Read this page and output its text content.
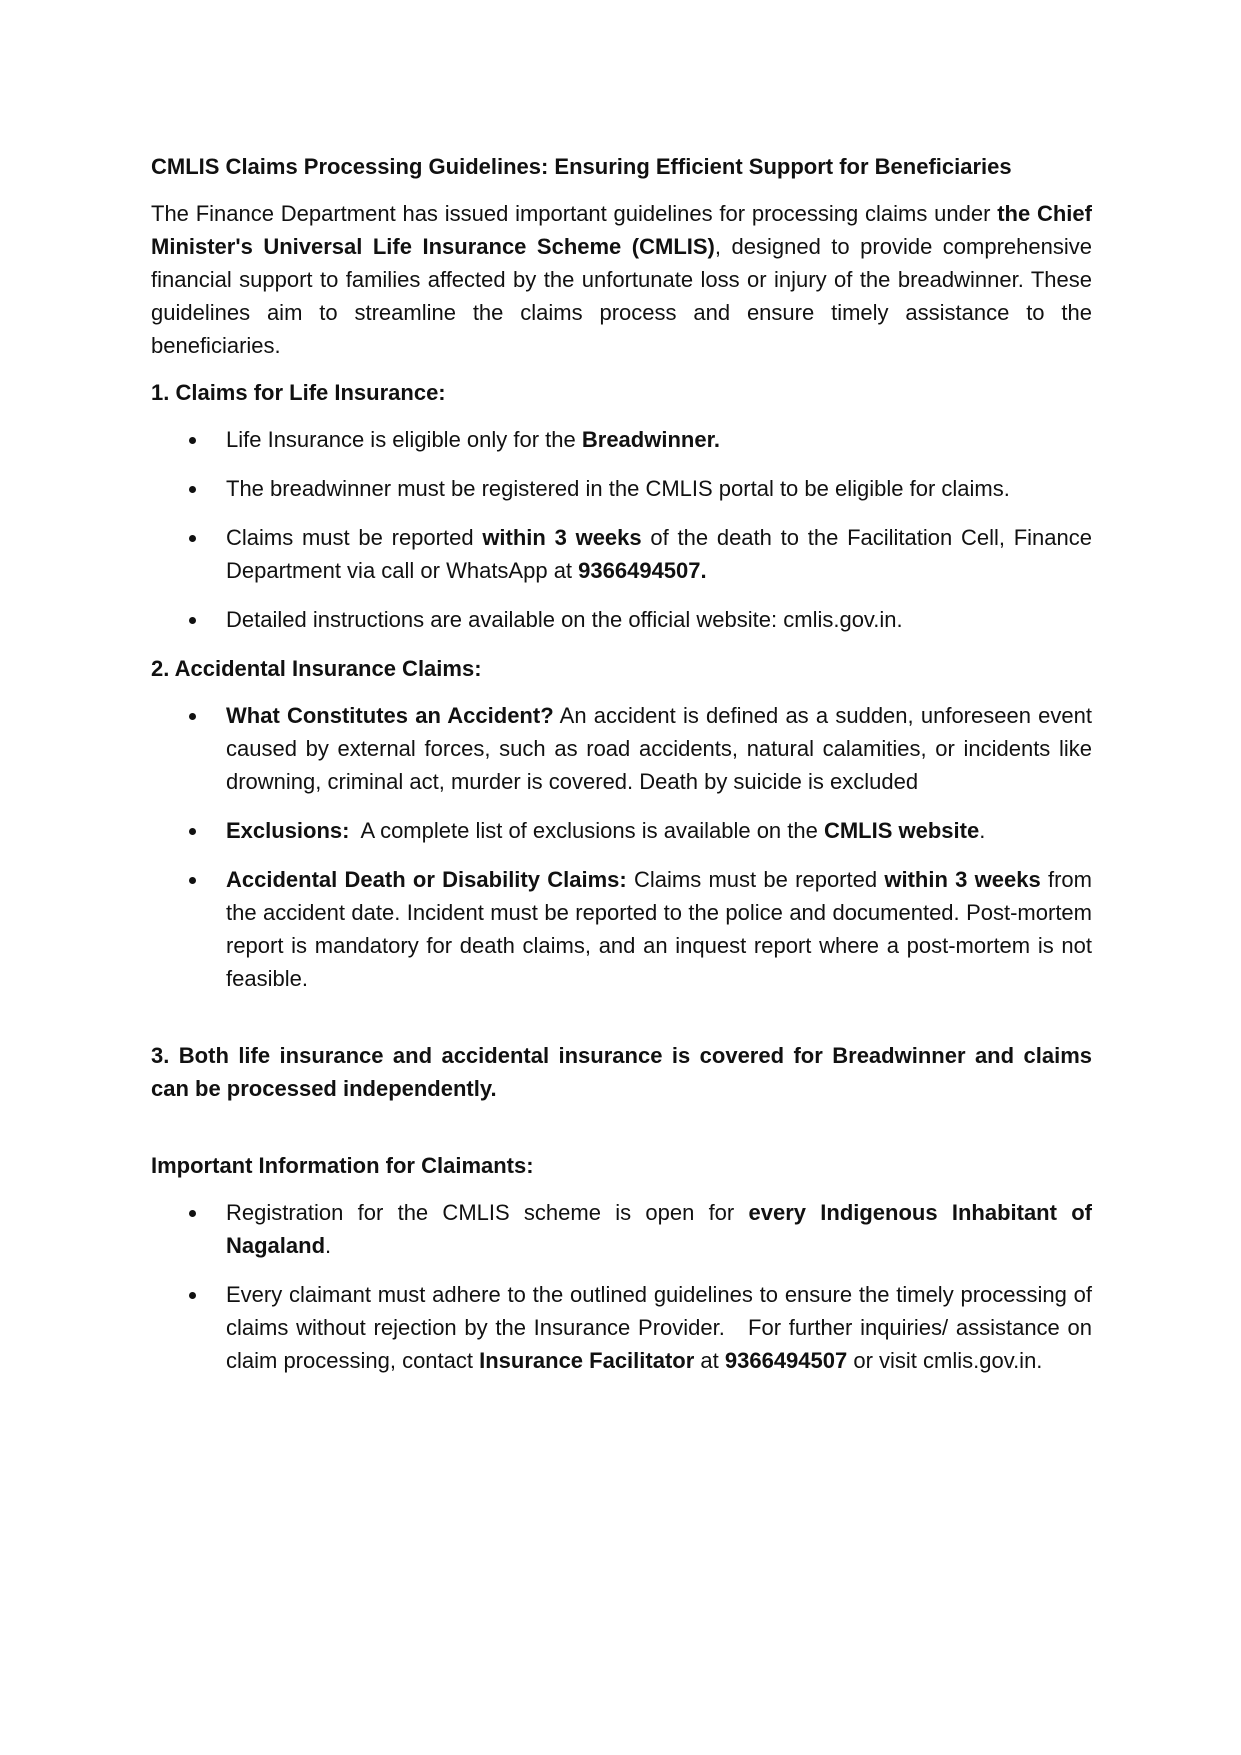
CMLIS Claims Processing Guidelines: Ensuring Efficient Support for Beneficiaries

The Finance Department has issued important guidelines for processing claims under the Chief Minister's Universal Life Insurance Scheme (CMLIS), designed to provide comprehensive financial support to families affected by the unfortunate loss or injury of the breadwinner. These guidelines aim to streamline the claims process and ensure timely assistance to the beneficiaries.

1. Claims for Life Insurance:

Life Insurance is eligible only for the Breadwinner.
The breadwinner must be registered in the CMLIS portal to be eligible for claims.
Claims must be reported within 3 weeks of the death to the Facilitation Cell, Finance Department via call or WhatsApp at 9366494507.
Detailed instructions are available on the official website: cmlis.gov.in.

2. Accidental Insurance Claims:

What Constitutes an Accident? An accident is defined as a sudden, unforeseen event caused by external forces, such as road accidents, natural calamities, or incidents like drowning, criminal act, murder is covered. Death by suicide is excluded
Exclusions:  A complete list of exclusions is available on the CMLIS website.
Accidental Death or Disability Claims: Claims must be reported within 3 weeks from the accident date. Incident must be reported to the police and documented. Post-mortem report is mandatory for death claims, and an inquest report where a post-mortem is not feasible.

3. Both life insurance and accidental insurance is covered for Breadwinner and claims can be processed independently.

Important Information for Claimants:

Registration for the CMLIS scheme is open for every Indigenous Inhabitant of Nagaland.
Every claimant must adhere to the outlined guidelines to ensure the timely processing of claims without rejection by the Insurance Provider.   For further inquiries/ assistance on claim processing, contact Insurance Facilitator at 9366494507 or visit cmlis.gov.in.
